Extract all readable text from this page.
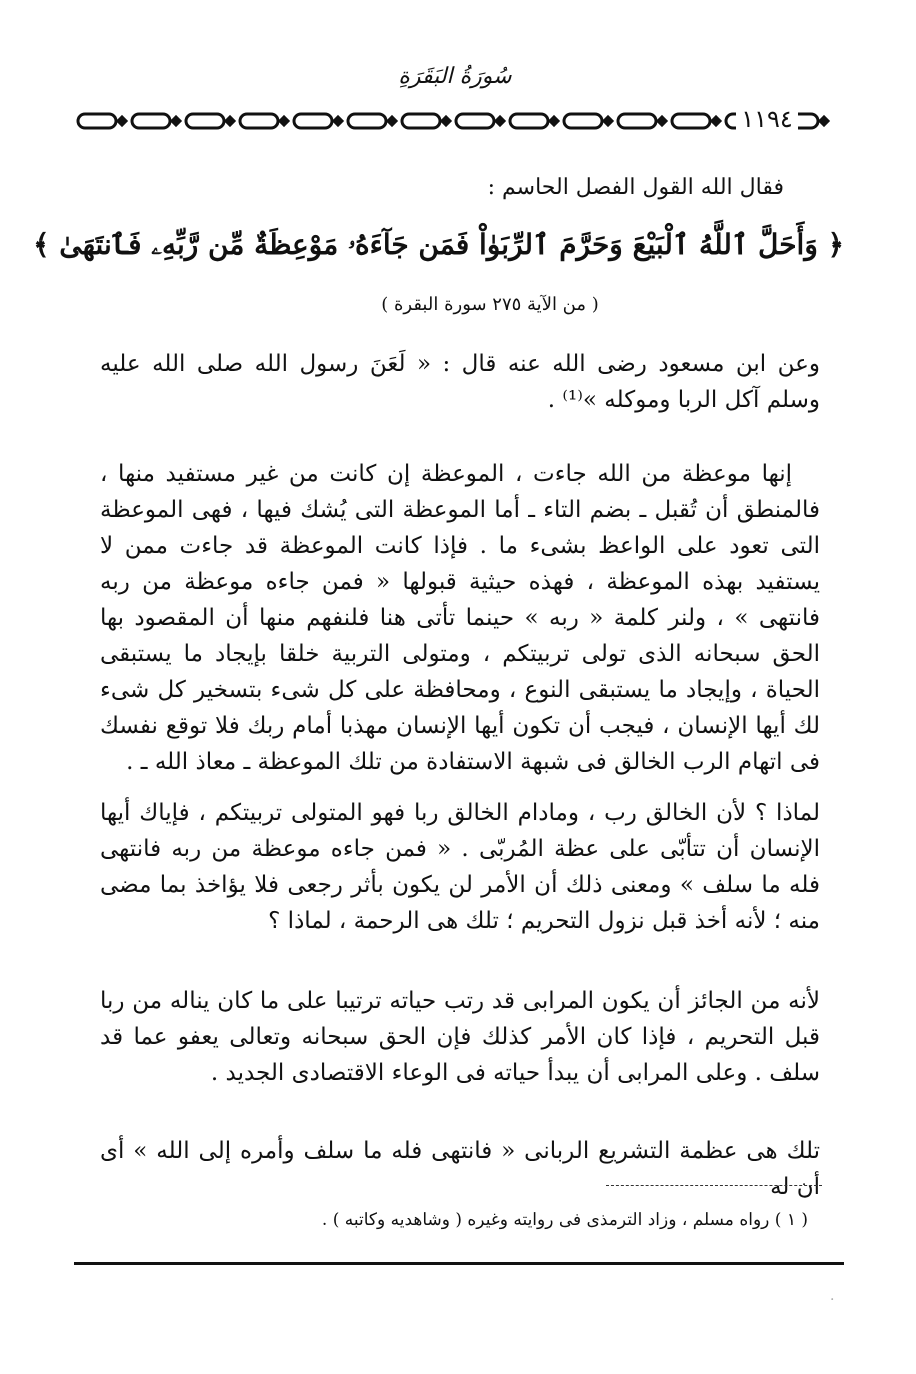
سُورَةُ البَقَرَةِ
١١٩٤
فقال الله القول الفصل الحاسم :
﴿ وَأَحَلَّ ٱللَّهُ ٱلْبَيْعَ وَحَرَّمَ ٱلرِّبَوٰاْ فَمَن جَآءَهُۥ مَوْعِظَةٌ مِّن رَّبِّهِۦ فَٱنتَهَىٰ ﴾
( من الآية ٢٧٥ سورة البقرة )
وعن ابن مسعود رضى الله عنه قال : « لَعَنَ رسول الله صلى الله عليه وسلم آكل الربا وموكله »⁽¹⁾ .
إنها موعظة من الله جاءت ، الموعظة إن كانت من غير مستفيد منها ، فالمنطق أن تُقبل ـ بضم التاء ـ أما الموعظة التى يُشك فيها ، فهى الموعظة التى تعود على الواعظ بشىء ما . فإذا كانت الموعظة قد جاءت ممن لا يستفيد بهذه الموعظة ، فهذه حيثية قبولها « فمن جاءه موعظة من ربه فانتهى » ، ولنر كلمة « ربه » حينما تأتى هنا فلنفهم منها أن المقصود بها الحق سبحانه الذى تولى تربيتكم ، ومتولى التربية خلقا بإيجاد ما يستبقى الحياة ، وإيجاد ما يستبقى النوع ، ومحافظة على كل شىء بتسخير كل شىء لك أيها الإنسان ، فيجب أن تكون أيها الإنسان مهذبا أمام ربك فلا توقع نفسك فى اتهام الرب الخالق فى شبهة الاستفادة من تلك الموعظة ـ معاذ الله ـ .
لماذا ؟ لأن الخالق رب ، ومادام الخالق ربا فهو المتولى تربيتكم ، فإياك أيها الإنسان أن تتأبّى على عظة المُربّى . « فمن جاءه موعظة من ربه فانتهى فله ما سلف » ومعنى ذلك أن الأمر لن يكون بأثر رجعى فلا يؤاخذ بما مضى منه ؛ لأنه أخذ قبل نزول التحريم ؛ تلك هى الرحمة ، لماذا ؟
لأنه من الجائز أن يكون المرابى قد رتب حياته ترتيبا على ما كان يناله من ربا قبل التحريم ، فإذا كان الأمر كذلك فإن الحق سبحانه وتعالى يعفو عما قد سلف . وعلى المرابى أن يبدأ حياته فى الوعاء الاقتصادى الجديد .
تلك هى عظمة التشريع الربانى « فانتهى فله ما سلف وأمره إلى الله » أى أن له
( ١ ) رواه مسلم ، وزاد الترمذى فى روايته وغيره ( وشاهديه وكاتبه ) .
·
